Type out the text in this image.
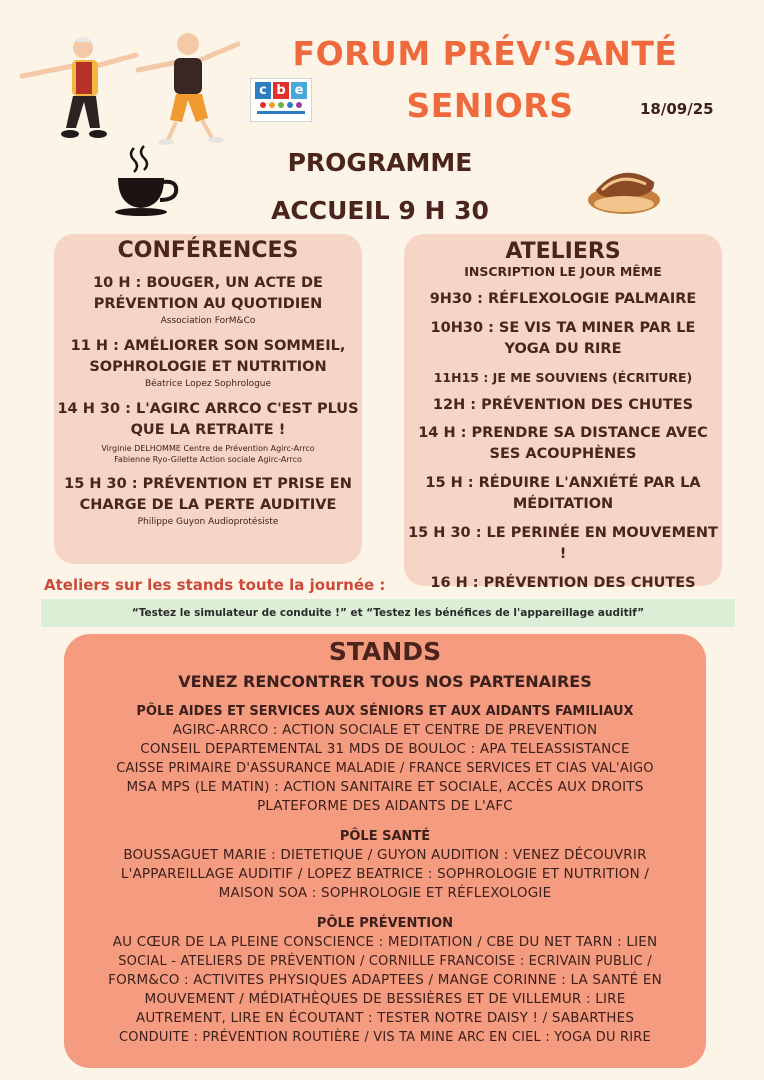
c b e
FORUM PRÉV'SANTÉ
SENIORS	18/09/25
PROGRAMME
ACCUEIL 9 H 30
CONFÉRENCES
10 H : BOUGER, UN ACTE DE PRÉVENTION AU QUOTIDIEN
Association ForM&Co
11 H : AMÉLIORER SON SOMMEIL, SOPHROLOGIE ET NUTRITION
Béatrice Lopez Sophrologue
14 H 30 : L'AGIRC ARRCO C'EST PLUS QUE LA RETRAITE !
Virginie DELHOMME Centre de Prévention Agirc-Arrco
Fabienne Ryo-Gilette Action sociale Agirc-Arrco
15 H 30 : PRÉVENTION ET PRISE EN CHARGE DE LA PERTE AUDITIVE
Philippe Guyon Audioprotésiste
ATELIERS
INSCRIPTION LE JOUR MÊME
9H30 : RÉFLEXOLOGIE PALMAIRE
10H30 : SE VIS TA MINER PAR LE YOGA DU RIRE
11H15 : JE ME SOUVIENS (ÉCRITURE)
12H : PRÉVENTION DES CHUTES
14 H : PRENDRE SA DISTANCE AVEC SES ACOUPHÈNES
15 H : RÉDUIRE L'ANXIÉTÉ PAR LA MÉDITATION
15 H 30 : LE PERINÉE EN MOUVEMENT !
16 H : PRÉVENTION DES CHUTES
Ateliers sur les stands toute la journée :
“Testez le simulateur de conduite !” et “Testez les bénéfices de l'appareillage auditif”
STANDS
VENEZ RENCONTRER TOUS NOS PARTENAIRES
PÔLE AIDES ET SERVICES AUX SÉNIORS ET AUX AIDANTS FAMILIAUX
AGIRC-ARRCO : ACTION SOCIALE ET CENTRE DE PREVENTION
CONSEIL DEPARTEMENTAL 31 MDS DE BOULOC : APA TELEASSISTANCE
CAISSE PRIMAIRE D'ASSURANCE MALADIE / FRANCE SERVICES ET CIAS VAL'AIGO
MSA MPS (LE MATIN) : ACTION SANITAIRE ET SOCIALE, ACCÈS AUX DROITS
PLATEFORME DES AIDANTS DE L'AFC
PÔLE SANTÉ
BOUSSAGUET MARIE : DIETETIQUE / GUYON AUDITION : VENEZ DÉCOUVRIR
L'APPAREILLAGE AUDITIF / LOPEZ BEATRICE : SOPHROLOGIE ET NUTRITION /
MAISON SOA : SOPHROLOGIE ET RÉFLEXOLOGIE
PÔLE PRÉVENTION
AU CŒUR DE LA PLEINE CONSCIENCE : MEDITATION / CBE DU NET TARN : LIEN
SOCIAL - ATELIERS DE PRÉVENTION / CORNILLE FRANCOISE : ECRIVAIN PUBLIC /
FORM&CO : ACTIVITES PHYSIQUES ADAPTEES / MANGE CORINNE : LA SANTÉ EN
MOUVEMENT / MÉDIATHÈQUES DE BESSIÈRES ET DE VILLEMUR : LIRE
AUTREMENT, LIRE EN ÉCOUTANT : TESTER NOTRE DAISY ! / SABARTHES
CONDUITE : PRÉVENTION ROUTIÈRE / VIS TA MINE ARC EN CIEL : YOGA DU RIRE
